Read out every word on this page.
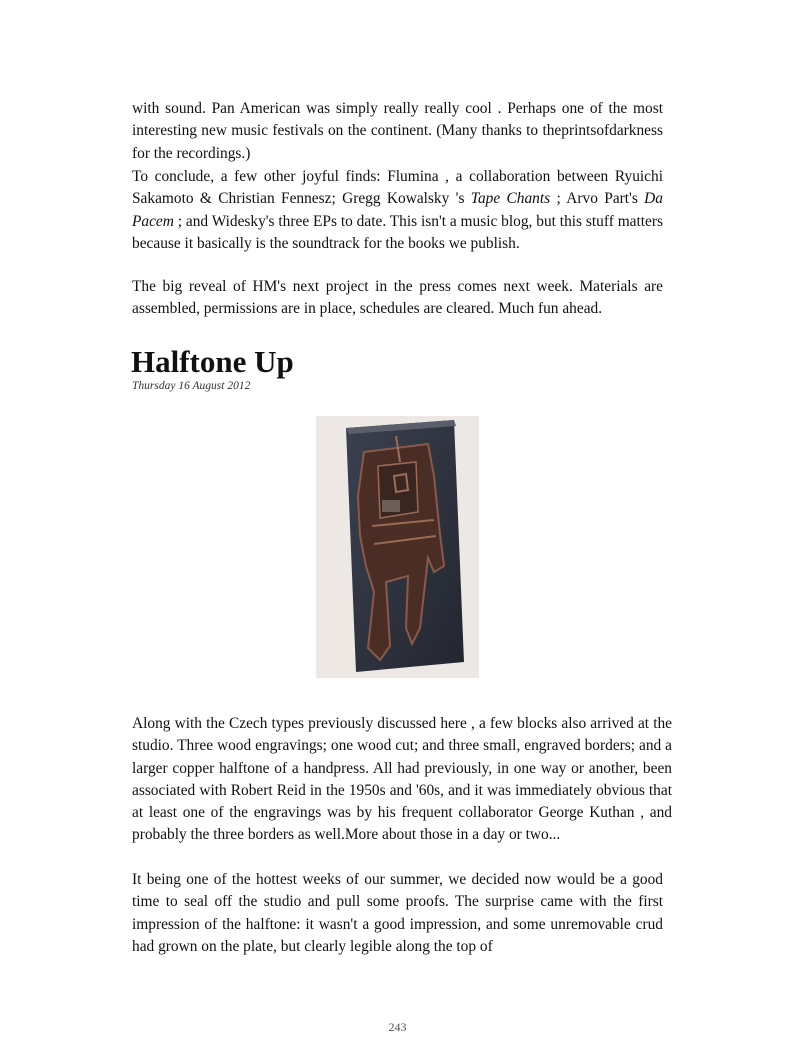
with sound. Pan American was simply really really cool . Perhaps one of the most interesting new music festivals on the continent. (Many thanks to theprintsofdarkness for the recordings.)

To conclude, a few other joyful finds: Flumina , a collaboration between Ryuichi Sakamoto & Christian Fennesz; Gregg Kowalsky 's Tape Chants ; Arvo Part's Da Pacem ; and Widesky's three EPs to date. This isn't a music blog, but this stuff matters because it basically is the soundtrack for the books we publish.

The big reveal of HM's next project in the press comes next week. Materials are assembled, permissions are in place, schedules are cleared. Much fun ahead.

Halftone Up
Thursday 16 August 2012

Along with the Czech types previously discussed here , a few blocks also arrived at the studio. Three wood engravings; one wood cut; and three small, engraved borders; and a larger copper halftone of a handpress. All had previously, in one way or another, been associated with Robert Reid in the 1950s and '60s, and it was immediately obvious that at least one of the engravings was by his frequent collaborator George Kuthan , and probably the three borders as well.More about those in a day or two...

It being one of the hottest weeks of our summer, we decided now would be a good time to seal off the studio and pull some proofs. The surprise came with the first impression of the halftone: it wasn't a good impression, and some unremovable crud had grown on the plate, but clearly legible along the top of

243
